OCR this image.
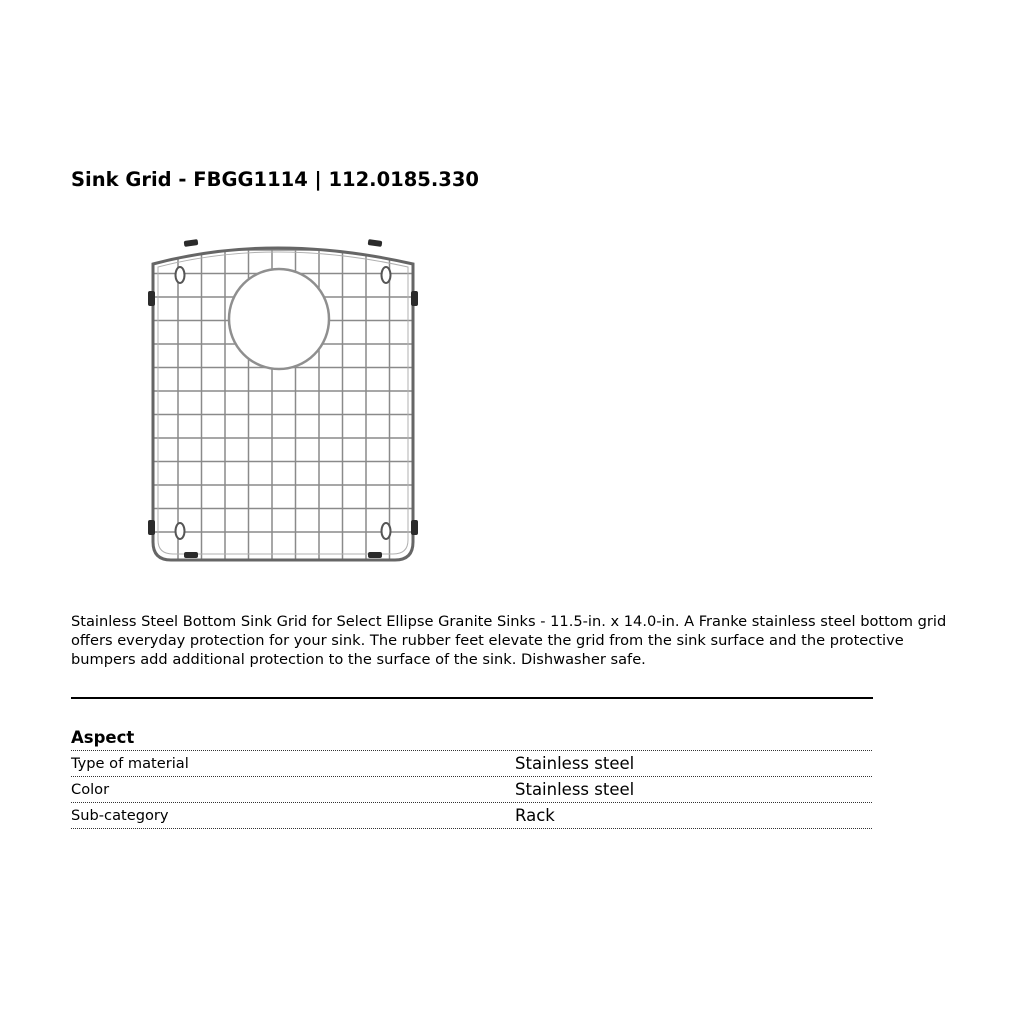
Sink Grid - FBGG1114 | 112.0185.330

Stainless Steel Bottom Sink Grid for Select Ellipse Granite Sinks - 11.5-in. x 14.0-in. A Franke stainless steel bottom grid offers everyday protection for your sink. The rubber feet elevate the grid from the sink surface and the protective bumpers add additional protection to the surface of the sink. Dishwasher safe.

Aspect
Type of material	Stainless steel
Color	Stainless steel
Sub-category	Rack
